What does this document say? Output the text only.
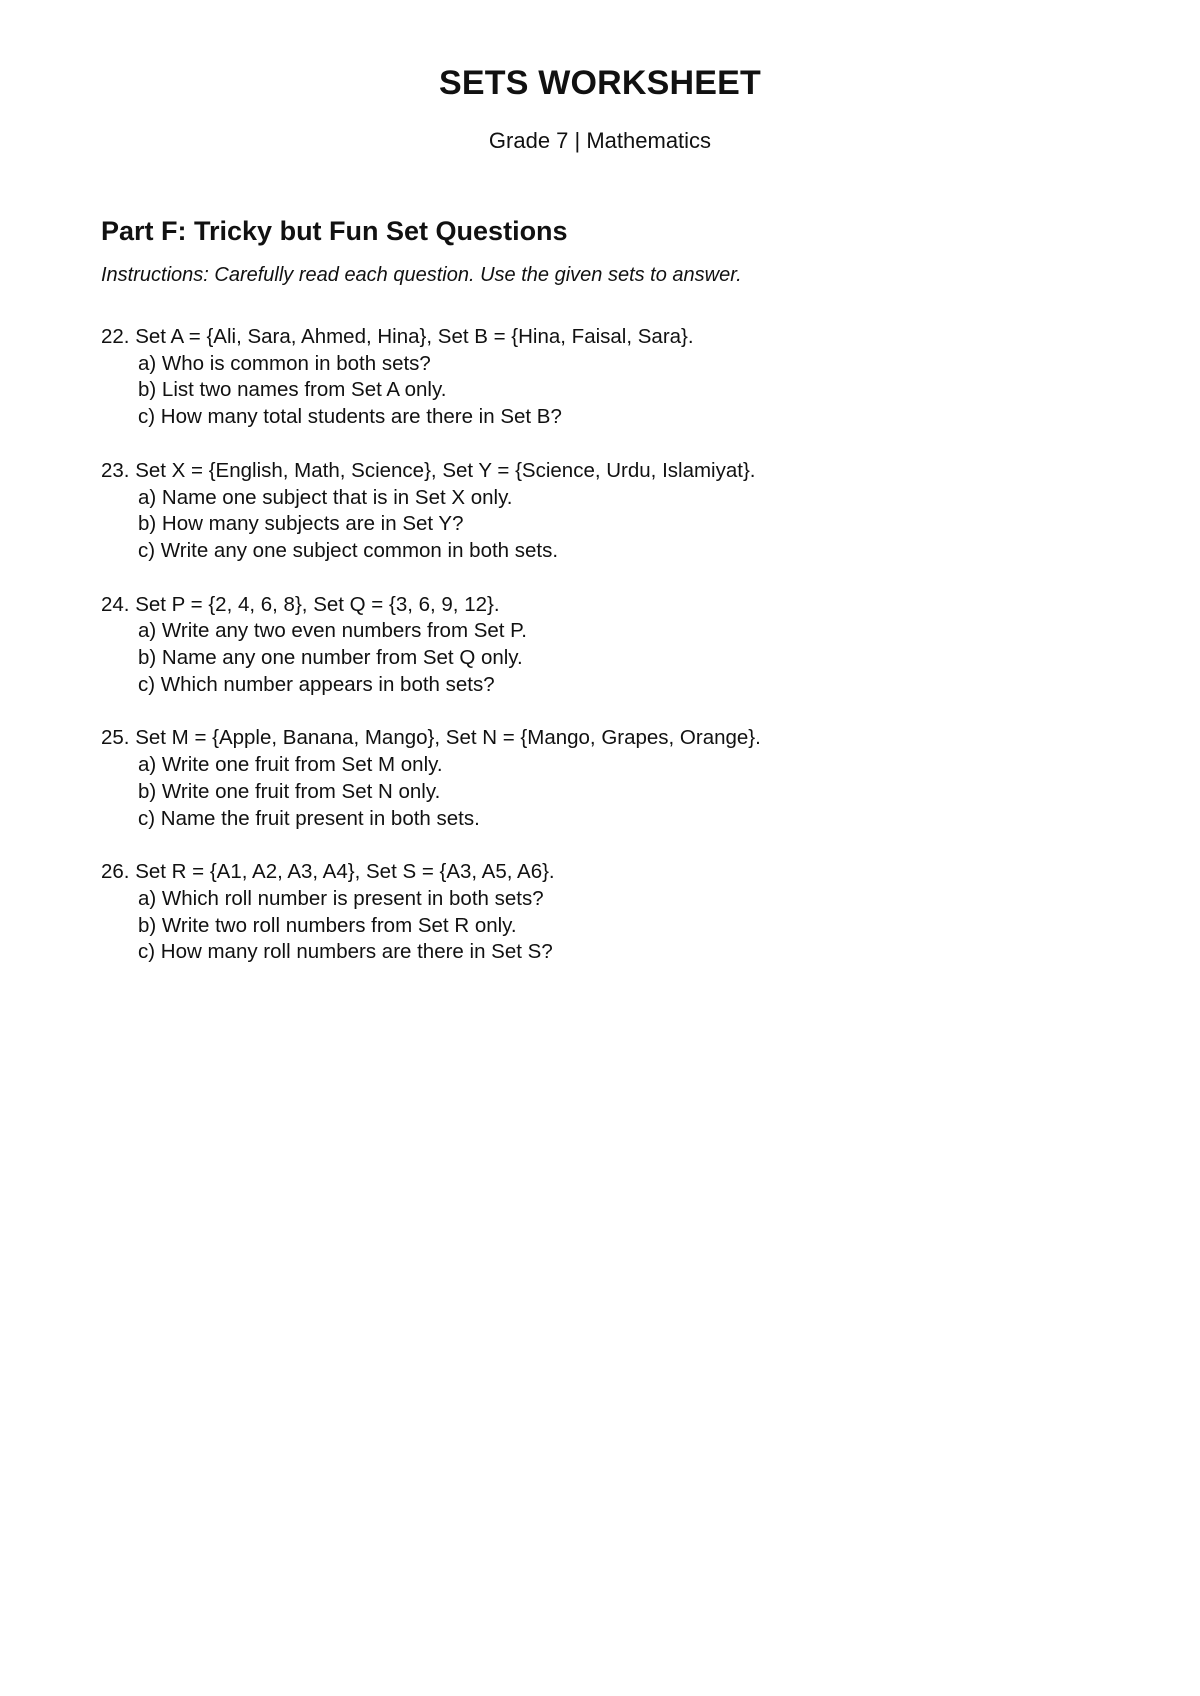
SETS WORKSHEET

Grade 7 | Mathematics

Part F: Tricky but Fun Set Questions

Instructions: Carefully read each question. Use the given sets to answer.

22. Set A = {Ali, Sara, Ahmed, Hina}, Set B = {Hina, Faisal, Sara}.
a) Who is common in both sets?
b) List two names from Set A only.
c) How many total students are there in Set B?
23. Set X = {English, Math, Science}, Set Y = {Science, Urdu, Islamiyat}.
a) Name one subject that is in Set X only.
b) How many subjects are in Set Y?
c) Write any one subject common in both sets.
24. Set P = {2, 4, 6, 8}, Set Q = {3, 6, 9, 12}.
a) Write any two even numbers from Set P.
b) Name any one number from Set Q only.
c) Which number appears in both sets?
25. Set M = {Apple, Banana, Mango}, Set N = {Mango, Grapes, Orange}.
a) Write one fruit from Set M only.
b) Write one fruit from Set N only.
c) Name the fruit present in both sets.
26. Set R = {A1, A2, A3, A4}, Set S = {A3, A5, A6}.
a) Which roll number is present in both sets?
b) Write two roll numbers from Set R only.
c) How many roll numbers are there in Set S?
